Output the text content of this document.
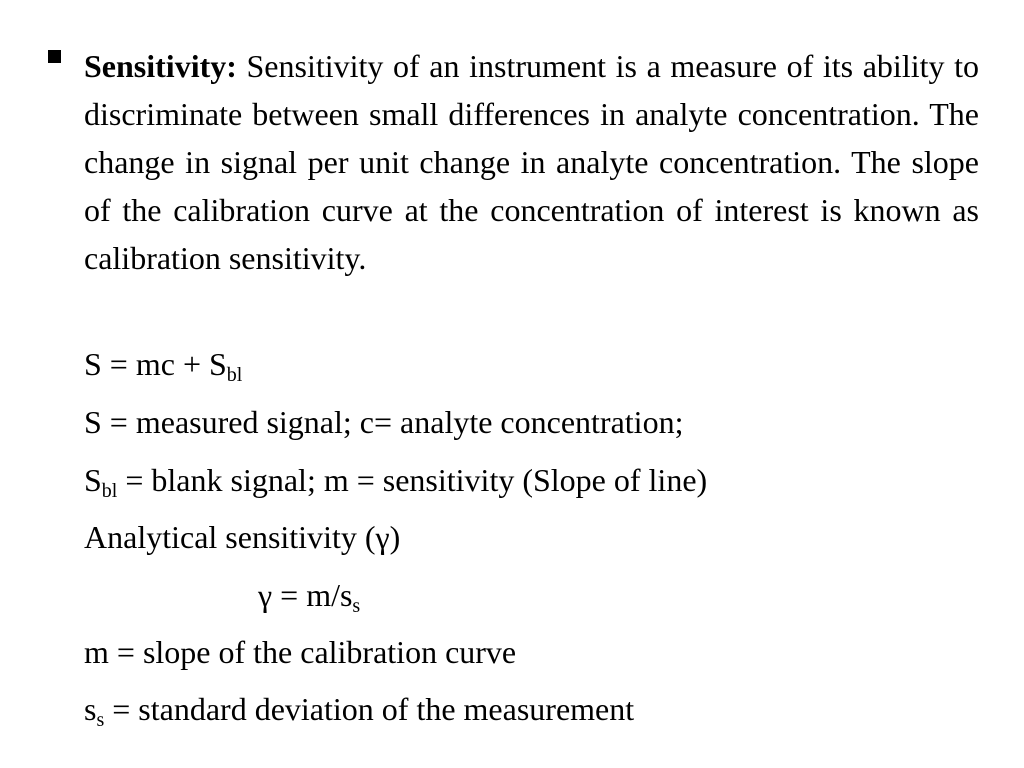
Sensitivity: Sensitivity of an instrument is a measure of its ability to discriminate between small differences in analyte concentration. The change in signal per unit change in analyte concentration. The slope of the calibration curve at the concentration of interest is known as calibration sensitivity.
S = mc + $S_{bl}$
S = measured signal; c= analyte concentration;
$S_{bl}$ = blank signal; m = sensitivity (Slope of line)
Analytical sensitivity (γ)
$\gamma = m/s_s$
m = slope of the calibration curve
$s_s$ = standard deviation of the measurement
